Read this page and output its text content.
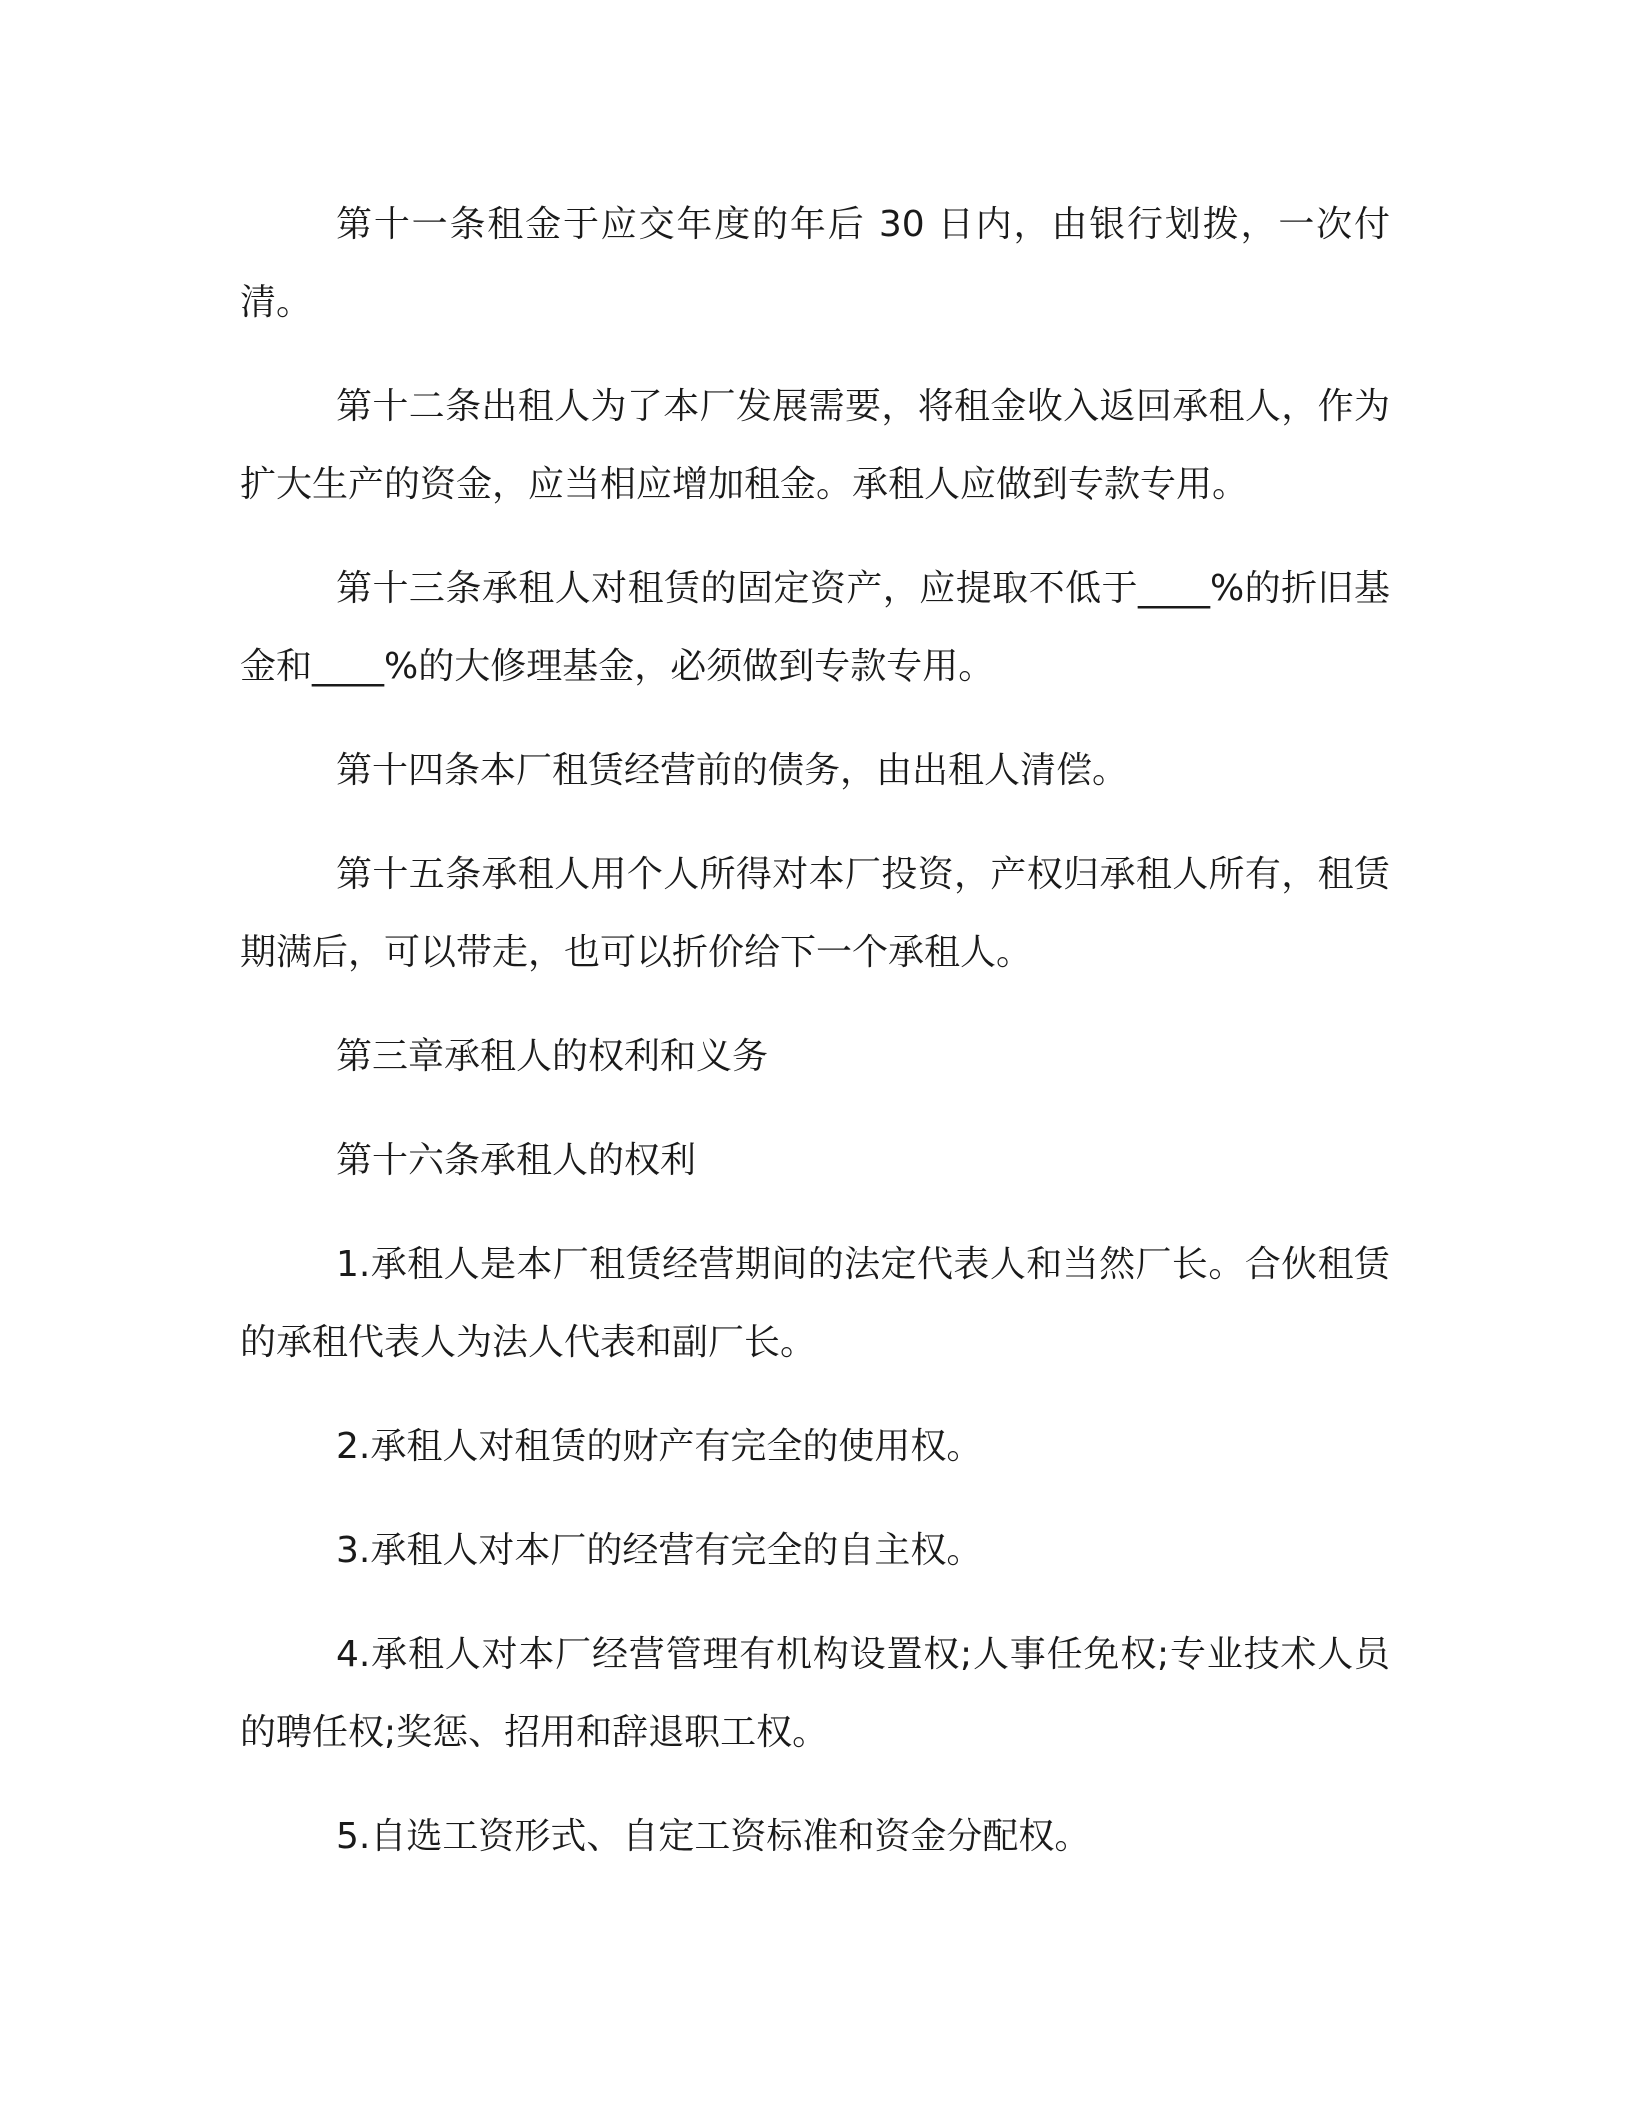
第十一条租金于应交年度的年后 30 日内，由银行划拨，一次付清。

第十二条出租人为了本厂发展需要，将租金收入返回承租人，作为扩大生产的资金，应当相应增加租金。承租人应做到专款专用。

第十三条承租人对租赁的固定资产，应提取不低于____%的折旧基金和____%的大修理基金，必须做到专款专用。

第十四条本厂租赁经营前的债务，由出租人清偿。

第十五条承租人用个人所得对本厂投资，产权归承租人所有，租赁期满后，可以带走，也可以折价给下一个承租人。

第三章承租人的权利和义务

第十六条承租人的权利

1.承租人是本厂租赁经营期间的法定代表人和当然厂长。合伙租赁的承租代表人为法人代表和副厂长。

2.承租人对租赁的财产有完全的使用权。

3.承租人对本厂的经营有完全的自主权。

4.承租人对本厂经营管理有机构设置权;人事任免权;专业技术人员的聘任权;奖惩、招用和辞退职工权。

5.自选工资形式、自定工资标准和资金分配权。
